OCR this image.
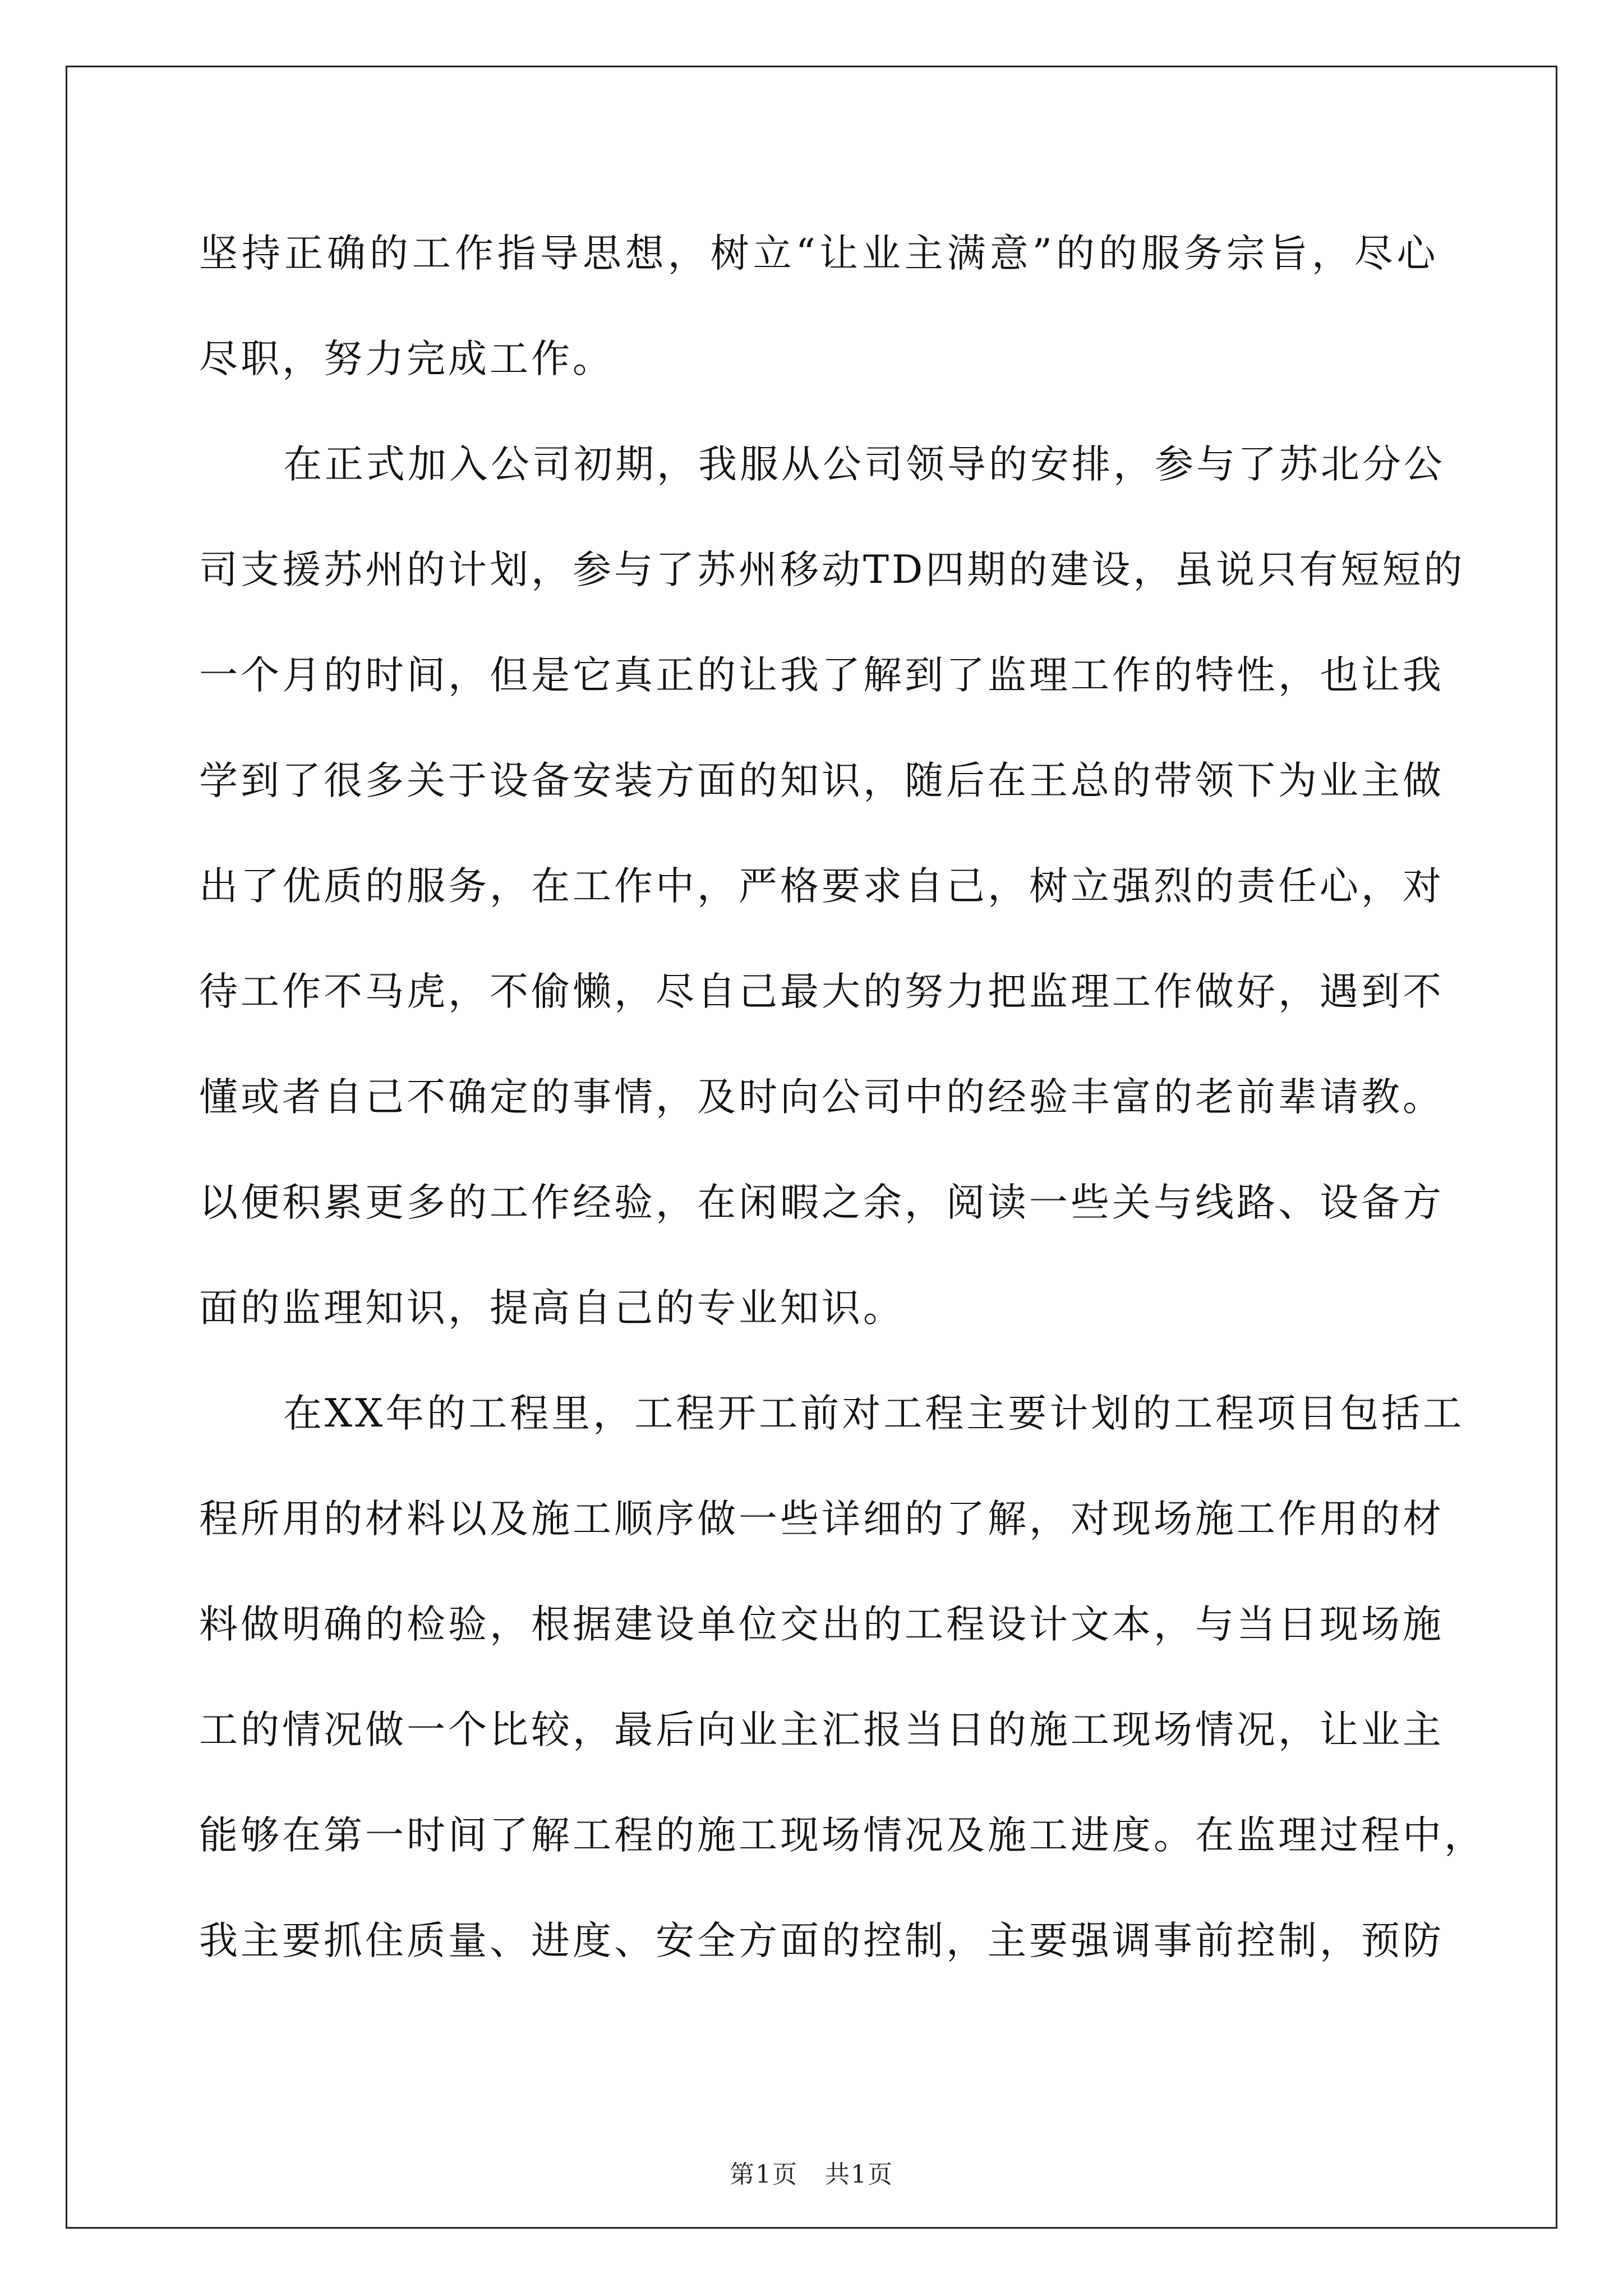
坚 持 正 确 的 工 作 指 导 思 想 ， 树 立 “ 让 业 主 满 意 ” 的 的 服 务 宗 旨 ， 尽 心
尽职，努力完成工作。
在 正 式 加 入 公 司 初 期 ， 我 服 从 公 司 领 导 的 安 排 ， 参 与 了 苏 北 分 公
司 支 援 苏 州 的 计 划 ， 参 与 了 苏 州 移 动 TD 四 期 的 建 设 ， 虽 说 只 有 短 短 的
一 个 月 的 时 间 ， 但 是 它 真 正 的 让 我 了 解 到 了 监 理 工 作 的 特 性 ， 也 让 我
学 到 了 很 多 关 于 设 备 安 装 方 面 的 知 识 ， 随 后 在 王 总 的 带 领 下 为 业 主 做
出 了 优 质 的 服 务 ， 在 工 作 中 ， 严 格 要 求 自 己 ， 树 立 强 烈 的 责 任 心 ， 对
待 工 作 不 马 虎 ， 不 偷 懒 ， 尽 自 己 最 大 的 努 力 把 监 理 工 作 做 好 ， 遇 到 不
懂 或 者 自 己 不 确 定 的 事 情 ， 及 时 向 公 司 中 的 经 验 丰 富 的 老 前 辈 请 教 。
以 便 积 累 更 多 的 工 作 经 验 ， 在 闲 暇 之 余 ， 阅 读 一 些 关 与 线 路 、 设 备 方
面的监理知识，提高自己的专业知识。
在 XX 年 的 工 程 里 ， 工 程 开 工 前 对 工 程 主 要 计 划 的 工 程 项 目 包 括 工
程 所 用 的 材 料 以 及 施 工 顺 序 做 一 些 详 细 的 了 解 ， 对 现 场 施 工 作 用 的 材
料 做 明 确 的 检 验 ， 根 据 建 设 单 位 交 出 的 工 程 设 计 文 本 ， 与 当 日 现 场 施
工 的 情 况 做 一 个 比 较 ， 最 后 向 业 主 汇 报 当 日 的 施 工 现 场 情 况 ， 让 业 主
能 够 在 第 一 时 间 了 解 工 程 的 施 工 现 场 情 况 及 施 工 进 度 。 在 监 理 过 程 中 ，
我 主 要 抓 住 质 量 、 进 度 、 安 全 方 面 的 控 制 ， 主 要 强 调 事 前 控 制 ， 预 防
第1页 共1页
